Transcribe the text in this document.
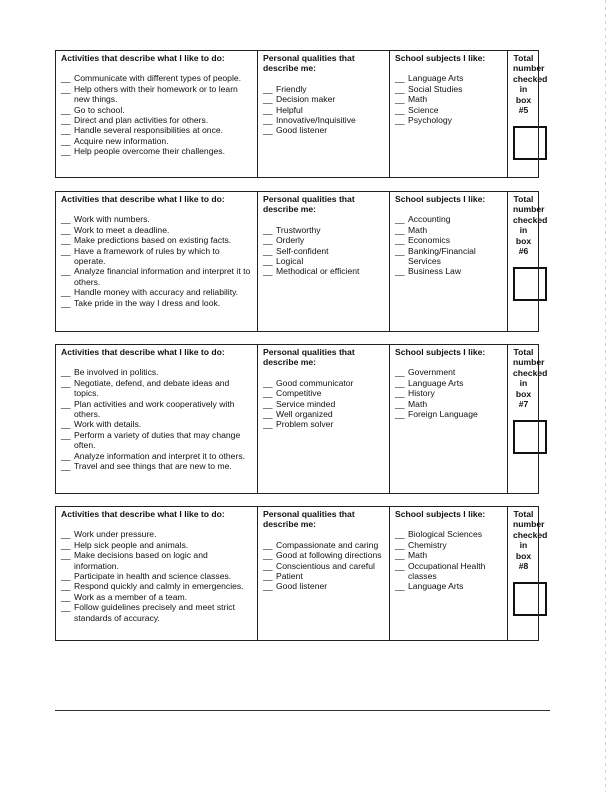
Activities that describe what I like to do:
__ Communicate with different types of people.
__ Help others with their homework or to learn new things.
__ Go to school.
__ Direct and plan activities for others.
__ Handle several responsibilities at once.
__ Acquire new information.
__ Help people overcome their challenges.

Personal qualities that describe me:
__ Friendly
__ Decision maker
__ Helpful
__ Innovative/Inquisitive
__ Good listener

School subjects I like:
__ Language Arts
__ Social Studies
__ Math
__ Science
__ Psychology

Total number checked in box #5
Activities that describe what I like to do:
__ Work with numbers.
__ Work to meet a deadline.
__ Make predictions based on existing facts.
__ Have a framework of rules by which to operate.
__ Analyze financial information and interpret it to others.
__ Handle money with accuracy and reliability.
__ Take pride in the way I dress and look.

Personal qualities that describe me:
__ Trustworthy
__ Orderly
__ Self-confident
__ Logical
__ Methodical or efficient

School subjects I like:
__ Accounting
__ Math
__ Economics
__ Banking/Financial Services
__ Business Law

Total number checked in box #6
Activities that describe what I like to do:
__ Be involved in politics.
__ Negotiate, defend, and debate ideas and topics.
__ Plan activities and work cooperatively with others.
__ Work with details.
__ Perform a variety of duties that may change often.
__ Analyze information and interpret it to others.
__ Travel and see things that are new to me.

Personal qualities that describe me:
__ Good communicator
__ Competitive
__ Service minded
__ Well organized
__ Problem solver

School subjects I like:
__ Government
__ Language Arts
__ History
__ Math
__ Foreign Language

Total number checked in box #7
Activities that describe what I like to do:
__ Work under pressure.
__ Help sick people and animals.
__ Make decisions based on logic and information.
__ Participate in health and science classes.
__ Respond quickly and calmly in emergencies.
__ Work as a member of a team.
__ Follow guidelines precisely and meet strict standards of accuracy.

Personal qualities that describe me:
__ Compassionate and caring
__ Good at following directions
__ Conscientious and careful
__ Patient
__ Good listener

School subjects I like:
__ Biological Sciences
__ Chemistry
__ Math
__ Occupational Health classes
__ Language Arts

Total number checked in box #8
